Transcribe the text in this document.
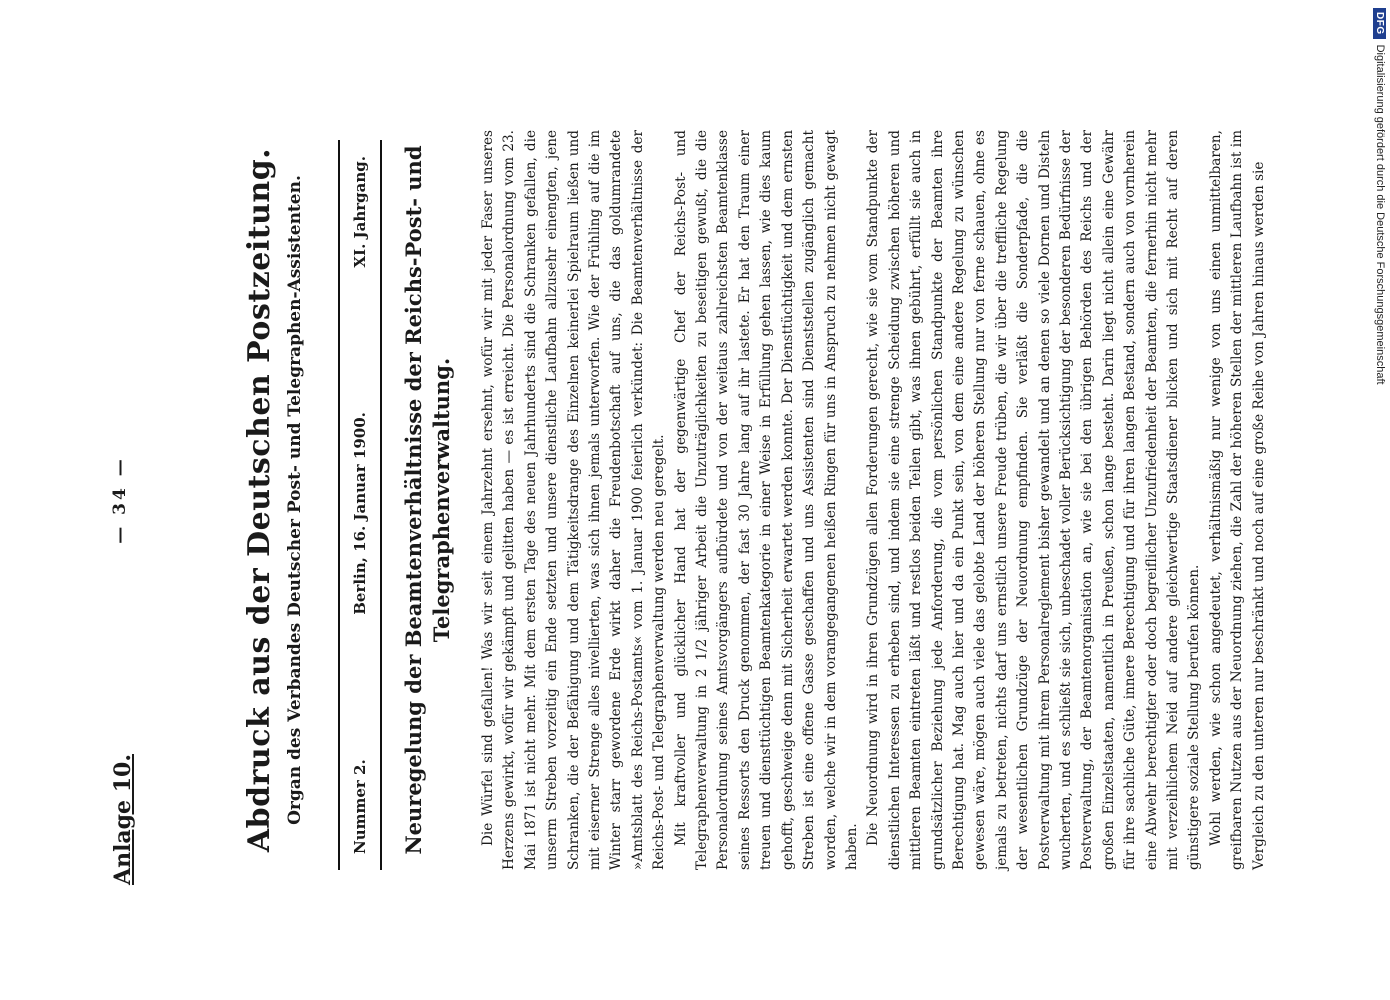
DFG
Digitalisierung gefördert durch die Deutsche Forschungsgemeinschaft
— 34 —
Anlage 10.	Abdruck aus der Deutschen Postzeitung. Organ des Verbandes Deutscher Post- und Telegraphen-Assistenten.	Nummer 2.
Berlin, 16. Januar 1900.
XI. Jahrgang. Neuregelung der Beamtenverhältnisse der Reichs-Post- und Telegraphenverwaltung. Die Würfel sind gefallen! Was wir seit einem Jahrzehnt ersehnt, wofür wir mit jeder Faser unseres Herzens gewirkt, wofür wir gekämpft und gelitten haben — es ist erreicht. Die Personalordnung vom 23. Mai 1871 ist nicht mehr. Mit dem ersten Tage des neuen Jahrhunderts sind die Schranken gefallen, die unserm Streben vorzeitig ein Ende setzten und unsere dienstliche Laufbahn allzusehr einengten, jene Schranken, die der Befähigung und dem Tätigkeitsdrange des Einzelnen keinerlei Spielraum ließen und mit eiserner Strenge alles nivellierten, was sich ihnen jemals unterworfen. Wie der Frühling auf die im Winter starr gewordene Erde wirkt daher die Freudenbotschaft auf uns, die das goldumrandete »Amtsblatt des Reichs-Postamts« vom 1. Januar 1900 feierlich verkündet: Die Beamtenverhältnisse der Reichs-Post- und Telegraphenverwaltung werden neu geregelt. Mit kraftvoller und glücklicher Hand hat der gegenwärtige Chef der Reichs-Post- und Telegraphenverwaltung in 2 1/2 jähriger Arbeit die Unzuträglichkeiten zu beseitigen gewußt, die die Personalordnung seines Amtsvorgängers aufbürdete und von der weitaus zahlreichsten Beamtenklasse seines Ressorts den Druck genommen, der fast 30 Jahre lang auf ihr lastete. Er hat den Traum einer treuen und diensttüchtigen Beamtenkategorie in einer Weise in Erfüllung gehen lassen, wie dies kaum gehofft, geschweige denn mit Sicherheit erwartet werden konnte. Der Diensttüchtigkeit und dem ernsten Streben ist eine offene Gasse geschaffen und uns Assistenten sind Dienststellen zugänglich gemacht worden, welche wir in dem vorangegangenen heißen Ringen für uns in Anspruch zu nehmen nicht gewagt haben.

Die Neuordnung wird in ihren Grundzügen allen Forderungen gerecht, wie sie vom Standpunkte der dienstlichen Interessen zu erheben sind, und indem sie eine strenge Scheidung zwischen höheren und mittleren Beamten eintreten läßt und restlos beiden Teilen gibt, was ihnen gebührt, erfüllt sie auch in grundsätzlicher Beziehung jede Anforderung, die vom persönlichen Standpunkte der Beamten ihre Berechtigung hat. Mag auch hier und da ein Punkt sein, von dem eine andere Regelung zu wünschen gewesen wäre, mögen auch viele das gelobte Land der höheren Stellung nur von ferne schauen, ohne es jemals zu betreten, nichts darf uns ernstlich unsere Freude trüben, die wir über die treffliche Regelung der wesentlichen Grundzüge der Neuordnung empfinden. Sie verläßt die Sonderpfade, die die Postverwaltung mit ihrem Personalreglement bisher gewandelt und an denen so viele Dornen und Disteln wucherten, und es schließt sie sich, unbeschadet voller Berücksichtigung der besonderen Bedürfnisse der Postverwaltung, der Beamtenorganisation an, wie sie bei den übrigen Behörden des Reichs und der großen Einzelstaaten, namentlich in Preußen, schon lange besteht. Darin liegt nicht allein eine Gewähr für ihre sachliche Güte, innere Berechtigung und für ihren langen Bestand, sondern auch von vornherein eine Abwehr berechtigter oder doch begreiflicher Unzufriedenheit der Beamten, die fernerhin nicht mehr mit verzeihlichem Neid auf andere gleichwertige Staatsdiener blicken und sich mit Recht auf deren günstigere soziale Stellung berufen können. Wohl werden, wie schon angedeutet, verhältnismäßig nur wenige von uns einen unmittelbaren, greifbaren Nutzen aus der Neuordnung ziehen, die Zahl der höheren Stellen der mittleren Laufbahn ist im Vergleich zu den unteren nur beschränkt und noch auf eine große Reihe von Jahren hinaus werden sie
